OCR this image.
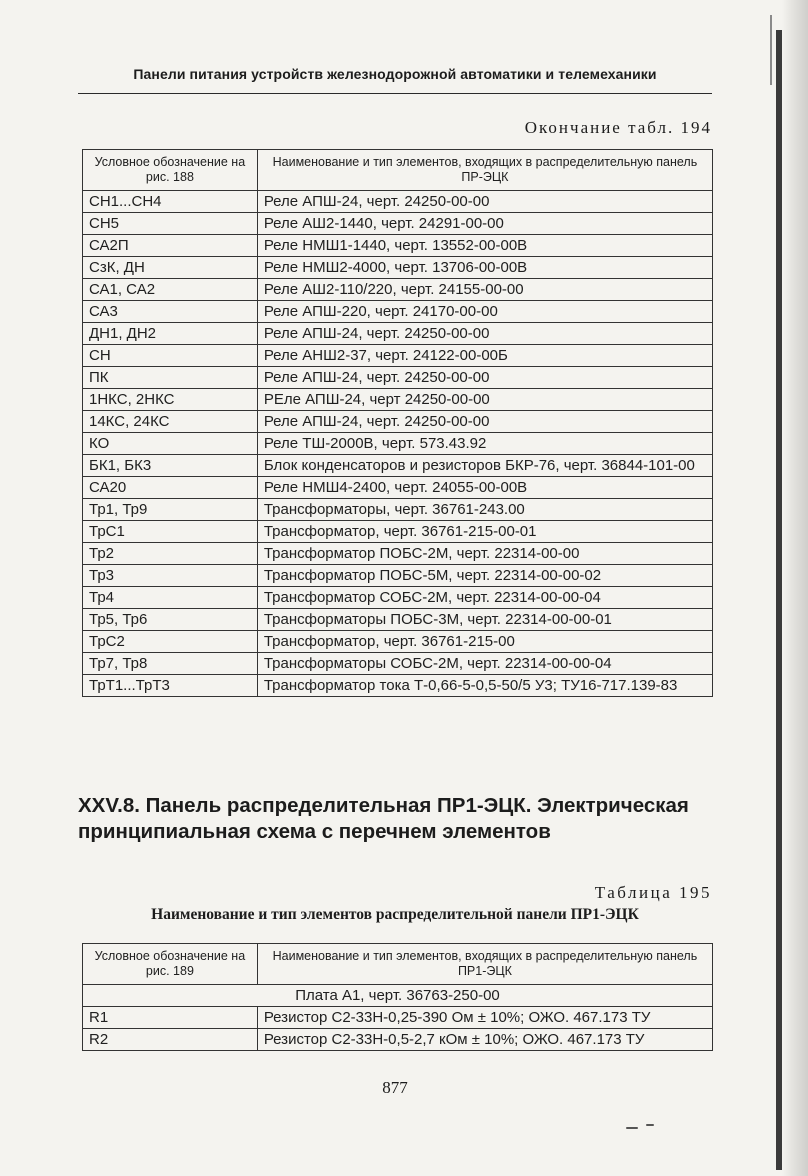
Панели питания устройств железнодорожной автоматики и телемеханики
Окончание табл. 194
Условное обозначение на рис. 188	Наименование и тип элементов, входящих в распределительную панель ПР-ЭЦК
СН1...СН4	Реле АПШ-24, черт. 24250-00-00
СН5	Реле АШ2-1440, черт. 24291-00-00
СА2П	Реле НМШ1-1440, черт. 13552-00-00В
СзК, ДН	Реле НМШ2-4000, черт. 13706-00-00В
СА1, СА2	Реле АШ2-110/220, черт. 24155-00-00
СА3	Реле АПШ-220, черт. 24170-00-00
ДН1, ДН2	Реле АПШ-24, черт. 24250-00-00
СН	Реле АНШ2-37, черт. 24122-00-00Б
ПК	Реле АПШ-24, черт. 24250-00-00
1НКС, 2НКС	РЕле АПШ-24, черт 24250-00-00
14КС, 24КС	Реле АПШ-24, черт. 24250-00-00
КО	Реле ТШ-2000В, черт. 573.43.92
БК1, БК3	Блок конденсаторов и резисторов БКР-76, черт. 36844-101-00
СА20	Реле НМШ4-2400, черт. 24055-00-00В
Тр1, Тр9	Трансформаторы, черт. 36761-243.00
ТрС1	Трансформатор, черт. 36761-215-00-01
Тр2	Трансформатор ПОБС-2М, черт. 22314-00-00
Тр3	Трансформатор ПОБС-5М, черт. 22314-00-00-02
Тр4	Трансформатор СОБС-2М, черт. 22314-00-00-04
Тр5, Тр6	Трансформаторы ПОБС-3М, черт. 22314-00-00-01
ТрС2	Трансформатор, черт. 36761-215-00
Тр7, Тр8	Трансформаторы СОБС-2М, черт. 22314-00-00-04
ТрТ1...ТрТ3	Трансформатор тока Т-0,66-5-0,5-50/5 У3; ТУ16-717.139-83
XXV.8. Панель распределительная ПР1-ЭЦК. Электрическая принципиальная схема с перечнем элементов
Таблица 195
Наименование и тип элементов распределительной панели ПР1-ЭЦК
Условное обозначение на рис. 189	Наименование и тип элементов, входящих в распределительную панель ПР1-ЭЦК
Плата А1, черт. 36763-250-00	
R1	Резистор С2-33Н-0,25-390 Ом ± 10%; ОЖО. 467.173 ТУ
R2	Резистор С2-33Н-0,5-2,7 кОм ± 10%; ОЖО. 467.173 ТУ
877
